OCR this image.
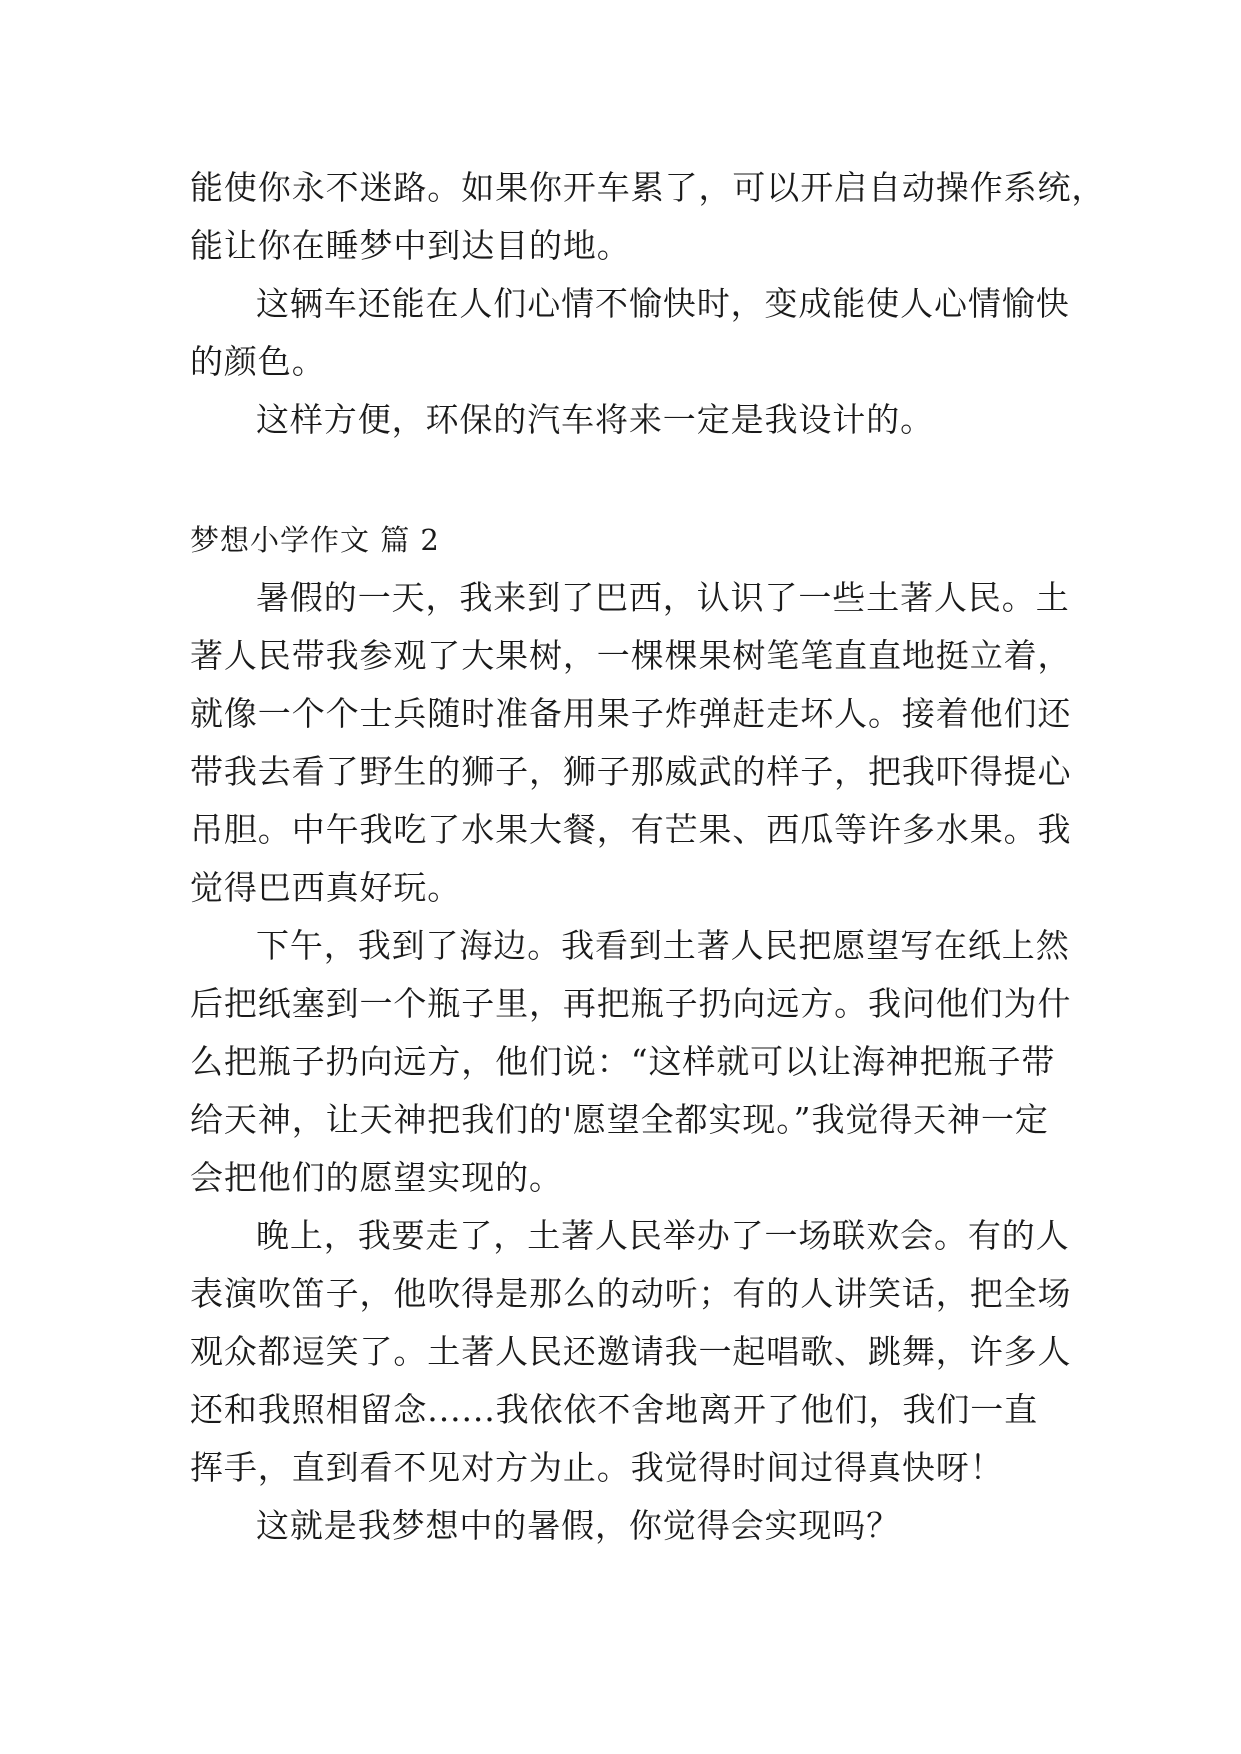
能使你永不迷路。如果你开车累了，可以开启自动操作系统，
能让你在睡梦中到达目的地。
这辆车还能在人们心情不愉快时，变成能使人心情愉快
的颜色。
这样方便，环保的汽车将来一定是我设计的。
梦想小学作文 篇 2
暑假的一天，我来到了巴西，认识了一些土著人民。土
著人民带我参观了大果树，一棵棵果树笔笔直直地挺立着，
就像一个个士兵随时准备用果子炸弹赶走坏人。接着他们还
带我去看了野生的狮子，狮子那威武的样子，把我吓得提心
吊胆。中午我吃了水果大餐，有芒果、西瓜等许多水果。我
觉得巴西真好玩。
下午，我到了海边。我看到土著人民把愿望写在纸上然
后把纸塞到一个瓶子里，再把瓶子扔向远方。我问他们为什
么把瓶子扔向远方，他们说：“这样就可以让海神把瓶子带
给天神，让天神把我们的'愿望全都实现。”我觉得天神一定
会把他们的愿望实现的。
晚上，我要走了，土著人民举办了一场联欢会。有的人
表演吹笛子，他吹得是那么的动听；有的人讲笑话，把全场
观众都逗笑了。土著人民还邀请我一起唱歌、跳舞，许多人
还和我照相留念......我依依不舍地离开了他们，我们一直
挥手，直到看不见对方为止。我觉得时间过得真快呀！
这就是我梦想中的暑假，你觉得会实现吗？
